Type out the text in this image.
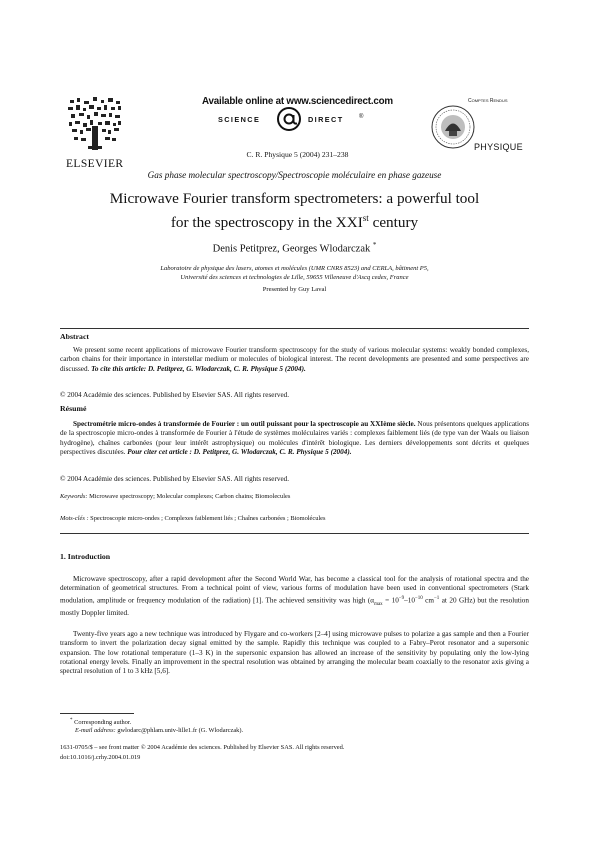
ELSEVIER
Available online at www.sciencedirect.com
SCIENCE	DIRECT	®
C. R. Physique 5 (2004) 231–238
Comptes Rendus
PHYSIQUE
Gas phase molecular spectroscopy/Spectroscopie moléculaire en phase gazeuse
Microwave Fourier transform spectrometers: a powerful tool
for the spectroscopy in the XXIst century
Denis Petitprez, Georges Wlodarczak *
Laboratoire de physique des lasers, atomes et molécules (UMR CNRS 8523) and CERLA, bâtiment P5,
Université des sciences et technologies de Lille, 59655 Villeneuve d'Ascq cedex, France
Presented by Guy Laval
Abstract

We present some recent applications of microwave Fourier transform spectroscopy for the study of various molecular systems: weakly bonded complexes, carbon chains for their importance in interstellar medium or molecules of biological interest. The recent developments are presented and some perspectives are discussed. To cite this article: D. Petitprez, G. Wlodarczak, C. R. Physique 5 (2004).

© 2004 Académie des sciences. Published by Elsevier SAS. All rights reserved.
Résumé

Spectrométrie micro-ondes à transformée de Fourier : un outil puissant pour la spectroscopie au XXIème siècle. Nous présentons quelques applications de la spectroscopie micro-ondes à transformée de Fourier à l'étude de systèmes moléculaires variés : complexes faiblement liés (de type van der Waals ou liaison hydrogène), chaînes carbonées (pour leur intérêt astrophysique) ou molécules d'intérêt biologique. Les derniers développements sont décrits et quelques perspectives discutées. Pour citer cet article : D. Petitprez, G. Wlodarczak, C. R. Physique 5 (2004).

© 2004 Académie des sciences. Published by Elsevier SAS. All rights reserved.
Keywords: Microwave spectroscopy; Molecular complexes; Carbon chains; Biomolecules
Mots-clés : Spectroscopie micro-ondes ; Complexes faiblement liés ; Chaînes carbonées ; Biomolécules
1. Introduction

Microwave spectroscopy, after a rapid development after the Second World War, has become a classical tool for the analysis of rotational spectra and the determination of geometrical structures. From a technical point of view, various forms of modulation have been used in conventional spectrometers (Stark modulation, amplitude or frequency modulation of the radiation) [1]. The achieved sensitivity was high ($\alpha_{max} = 10^{-9}-10^{-10}$ $cm^{-1}$ at 20 GHz) but the resolution mostly Doppler limited.

Twenty-five years ago a new technique was introduced by Flygare and co-workers [2–4] using microwave pulses to polarize a gas sample and then a Fourier transform to invert the polarization decay signal emitted by the sample. Rapidly this technique was coupled to a Fabry–Perot resonator and a supersonic expansion. The low rotational temperature (1–3 K) in the supersonic expansion has allowed an increase of the sensitivity by populating only the low-lying rotational energy levels. Finally an improvement in the spectral resolution was obtained by arranging the molecular beam coaxially to the resonator axis giving a spectral resolution of 1 to 3 kHz [5,6].

* Corresponding author.
E-mail address: gwlodarc@phlam.univ-lille1.fr (G. Wlodarczak).
1631-0705/$ – see front matter © 2004 Académie des sciences. Published by Elsevier SAS. All rights reserved.
doi:10.1016/j.crhy.2004.01.019
